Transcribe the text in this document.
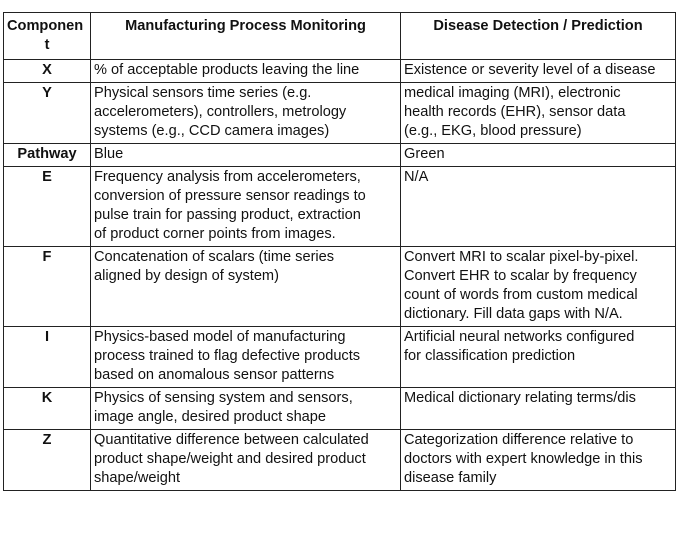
Componen
t	Manufacturing Process Monitoring	Disease Detection / Prediction
X	% of acceptable products leaving the line	Existence or severity level of a disease
Y	Physical sensors time series (e.g.
accelerometers), controllers, metrology
systems (e.g., CCD camera images)	medical imaging (MRI), electronic
health records (EHR), sensor data
(e.g., EKG, blood pressure)

Pathway	Blue	Green

E	Frequency analysis from accelerometers,
conversion of pressure sensor readings to
pulse train for passing product, extraction
of product corner points from images.	N/A

F	Concatenation of scalars (time series
aligned by design of system)	Convert MRI to scalar pixel-by-pixel.
Convert EHR to scalar by frequency
count of words from custom medical
dictionary. Fill data gaps with N/A.

I	Physics-based model of manufacturing
process trained to flag defective products
based on anomalous sensor patterns	Artificial neural networks configured
for classification prediction

K	Physics of sensing system and sensors,
image angle, desired product shape	Medical dictionary relating terms/dis

Z	Quantitative difference between calculated
product shape/weight and desired product
shape/weight	Categorization difference relative to
doctors with expert knowledge in this
disease family
